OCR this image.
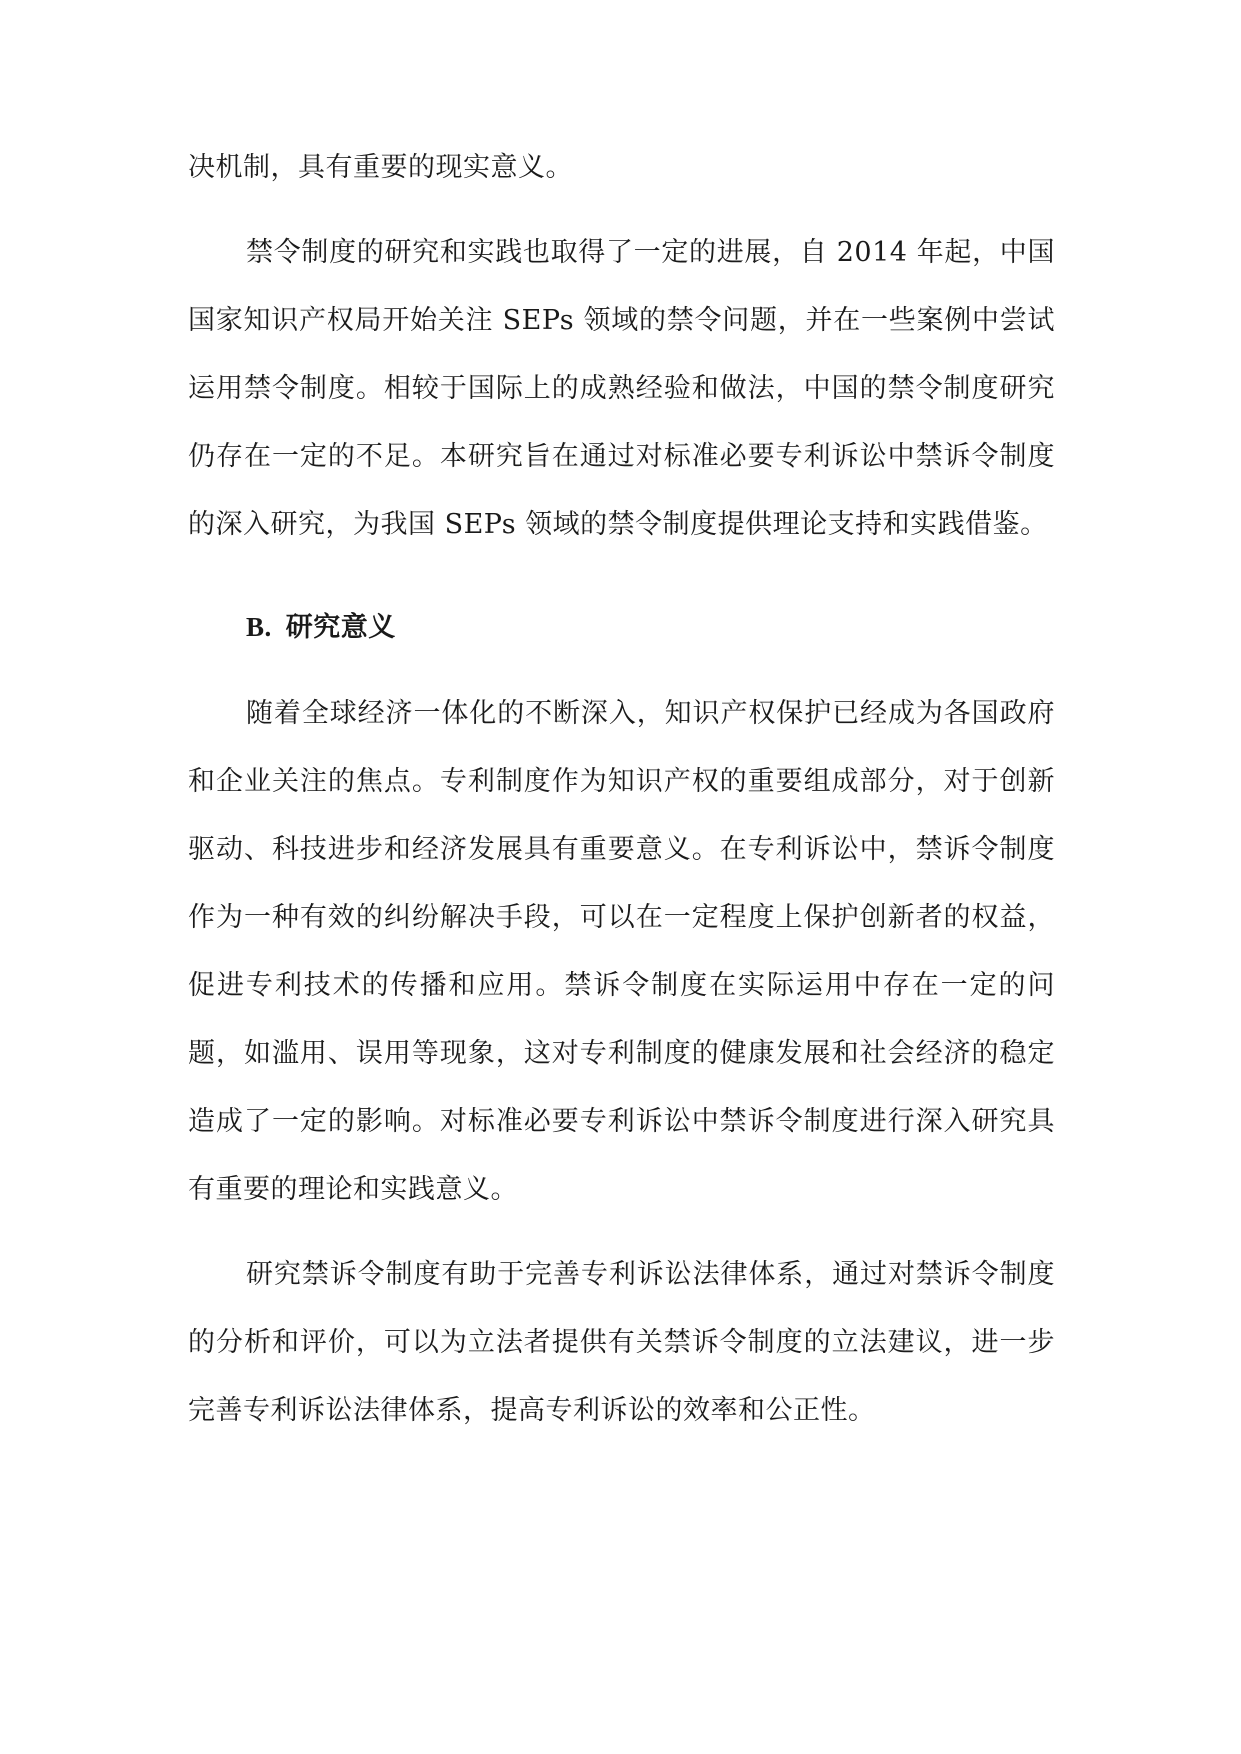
决机制，具有重要的现实意义。

禁令制度的研究和实践也取得了一定的进展，自 2014 年起，中国国家知识产权局开始关注 SEPs 领域的禁令问题，并在一些案例中尝试运用禁令制度。相较于国际上的成熟经验和做法，中国的禁令制度研究仍存在一定的不足。本研究旨在通过对标准必要专利诉讼中禁诉令制度的深入研究，为我国 SEPs 领域的禁令制度提供理论支持和实践借鉴。

B. 研究意义

随着全球经济一体化的不断深入，知识产权保护已经成为各国政府和企业关注的焦点。专利制度作为知识产权的重要组成部分，对于创新驱动、科技进步和经济发展具有重要意义。在专利诉讼中，禁诉令制度作为一种有效的纠纷解决手段，可以在一定程度上保护创新者的权益，促进专利技术的传播和应用。禁诉令制度在实际运用中存在一定的问题，如滥用、误用等现象，这对专利制度的健康发展和社会经济的稳定造成了一定的影响。对标准必要专利诉讼中禁诉令制度进行深入研究具有重要的理论和实践意义。

研究禁诉令制度有助于完善专利诉讼法律体系，通过对禁诉令制度的分析和评价，可以为立法者提供有关禁诉令制度的立法建议，进一步完善专利诉讼法律体系，提高专利诉讼的效率和公正性。
